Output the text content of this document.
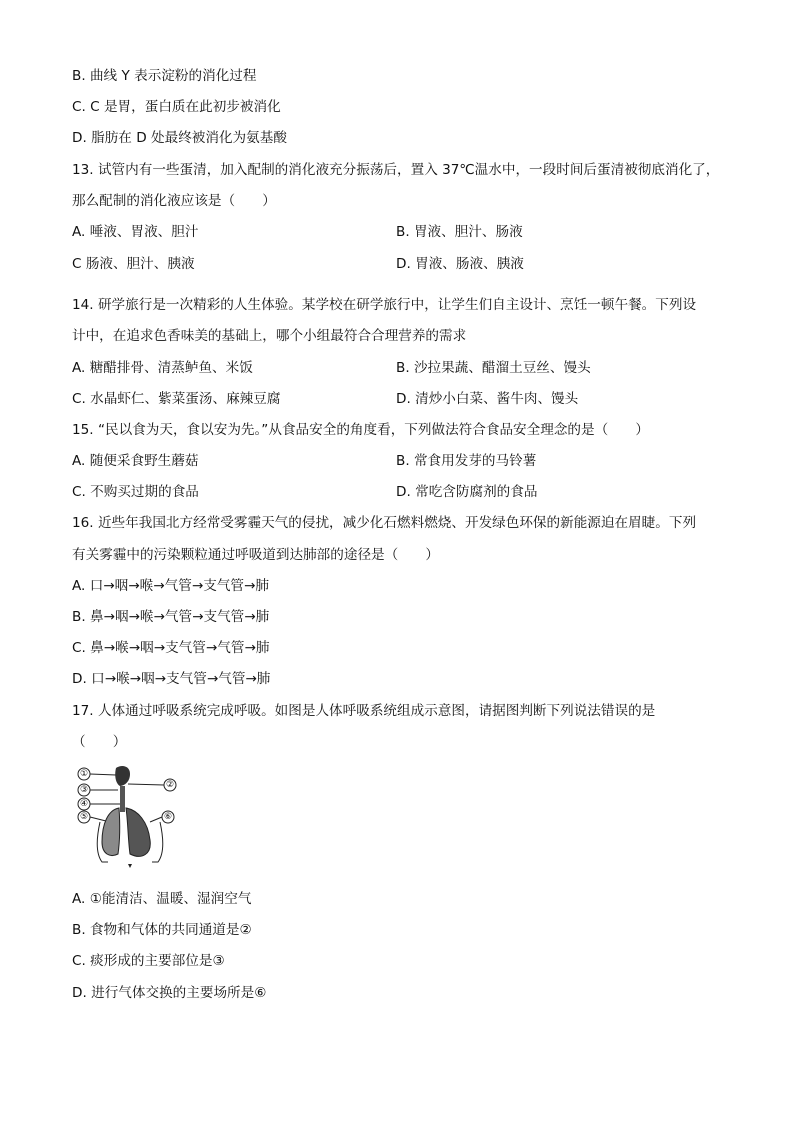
B. 曲线 Y 表示淀粉的消化过程
C. C 是胃，蛋白质在此初步被消化
D. 脂肪在 D 处最终被消化为氨基酸
13. 试管内有一些蛋清，加入配制的消化液充分振荡后，置入 37℃温水中，一段时间后蛋清被彻底消化了，
那么配制的消化液应该是（　　）
A. 唾液、胃液、胆汁	B. 胃液、胆汁、肠液
C 肠液、胆汁、胰液	D. 胃液、肠液、胰液
14. 研学旅行是一次精彩的人生体验。某学校在研学旅行中，让学生们自主设计、烹饪一顿午餐。下列设
计中，在追求色香味美的基础上，哪个小组最符合合理营养的需求
A. 糖醋排骨、清蒸鲈鱼、米饭	B. 沙拉果蔬、醋溜土豆丝、馒头
C. 水晶虾仁、紫菜蛋汤、麻辣豆腐	D. 清炒小白菜、酱牛肉、馒头
15. “民以食为天，食以安为先。”从食品安全的角度看，下列做法符合食品安全理念的是（　　）
A. 随便采食野生蘑菇	B. 常食用发芽的马铃薯
C. 不购买过期的食品	D. 常吃含防腐剂的食品
16. 近些年我国北方经常受雾霾天气的侵扰，减少化石燃料燃烧、开发绿色环保的新能源迫在眉睫。下列
有关雾霾中的污染颗粒通过呼吸道到达肺部的途径是（　　）
A. 口→咽→喉→气管→支气管→肺
B. 鼻→咽→喉→气管→支气管→肺
C. 鼻→喉→咽→支气管→气管→肺
D. 口→喉→咽→支气管→气管→肺
17. 人体通过呼吸系统完成呼吸。如图是人体呼吸系统组成示意图，请据图判断下列说法错误的是
（　　）
①
②
③
④
⑤	⑥
A. ①能清洁、温暖、湿润空气
B. 食物和气体的共同通道是②
C. 痰形成的主要部位是③
D. 进行气体交换的主要场所是⑥
